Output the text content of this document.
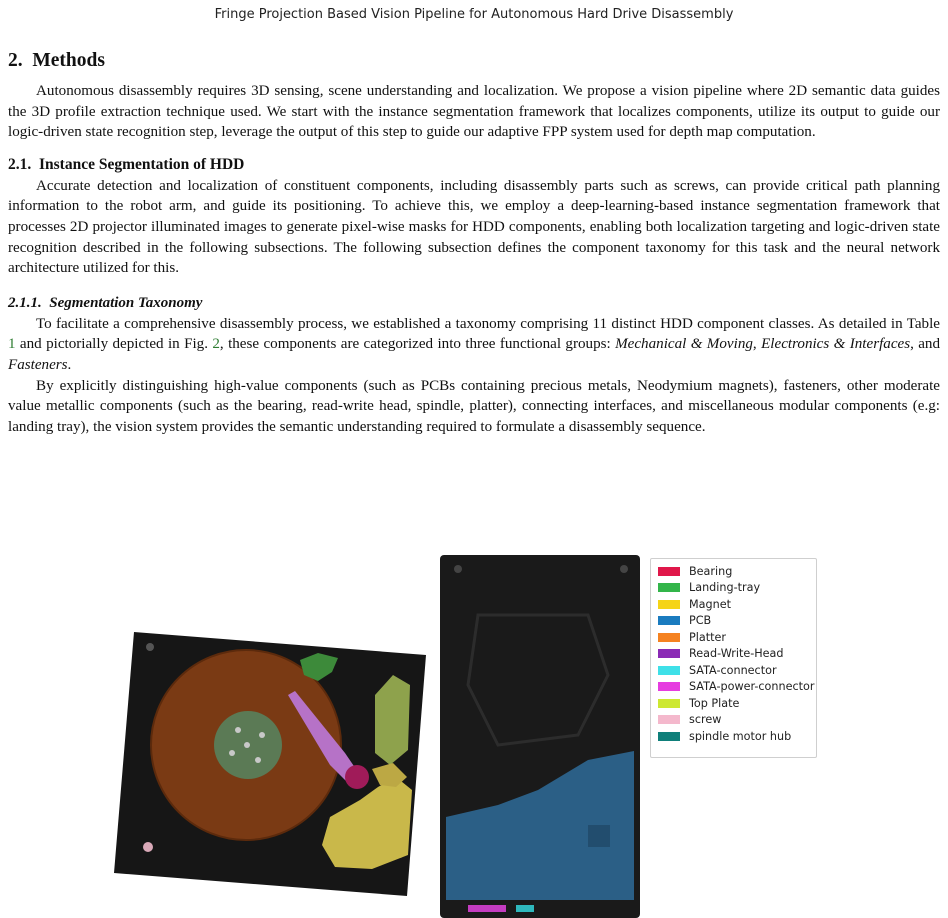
Fringe Projection Based Vision Pipeline for Autonomous Hard Drive Disassembly
2. Methods

Autonomous disassembly requires 3D sensing, scene understanding and localization. We propose a vision pipeline where 2D semantic data guides the 3D profile extraction technique used. We start with the instance segmentation framework that localizes components, utilize its output to guide our logic-driven state recognition step, leverage the output of this step to guide our adaptive FPP system used for depth map computation.

2.1. Instance Segmentation of HDD

Accurate detection and localization of constituent components, including disassembly parts such as screws, can provide critical path planning information to the robot arm, and guide its positioning. To achieve this, we employ a deep-learning-based instance segmentation framework that processes 2D projector illuminated images to generate pixel-wise masks for HDD components, enabling both localization targeting and logic-driven state recognition described in the following subsections. The following subsection defines the component taxonomy for this task and the neural network architecture utilized for this.

2.1.1. Segmentation Taxonomy

To facilitate a comprehensive disassembly process, we established a taxonomy comprising 11 distinct HDD component classes. As detailed in Table 1 and pictorially depicted in Fig. 2, these components are categorized into three functional groups: Mechanical & Moving, Electronics & Interfaces, and Fasteners.

By explicitly distinguishing high-value components (such as PCBs containing precious metals, Neodymium magnets), fasteners, other moderate value metallic components (such as the bearing, read-write head, spindle, platter), connecting interfaces, and miscellaneous modular components (e.g: landing tray), the vision system provides the semantic understanding required to formulate a disassembly sequence.

Bearing
Landing-tray
Magnet
PCB
Platter
Read-Write-Head
SATA-connector
SATA-power-connector
Top Plate
screw
spindle motor hub
